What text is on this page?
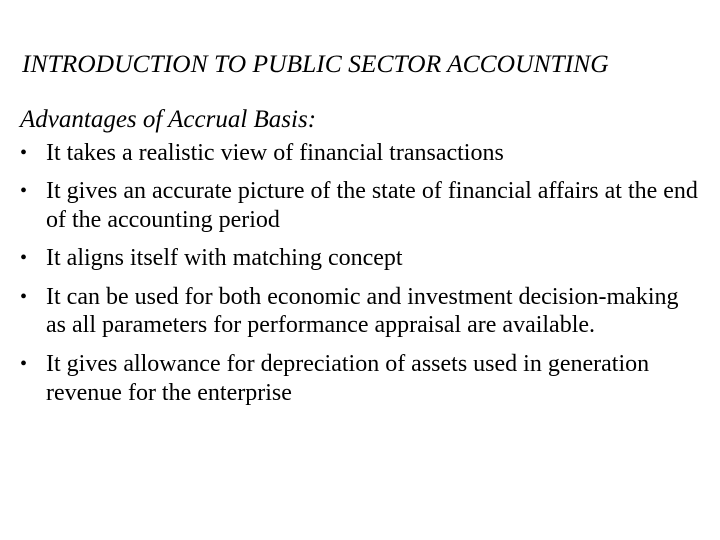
INTRODUCTION TO PUBLIC SECTOR ACCOUNTING
Advantages of Accrual Basis:
• It takes a realistic view of financial transactions
• It gives an accurate picture of the state of financial affairs at the end of the accounting period
• It aligns itself with matching concept
• It can be used for both economic and investment decision-making as all parameters for performance appraisal are available.
• It gives allowance for depreciation of assets used in generation revenue for the enterprise
